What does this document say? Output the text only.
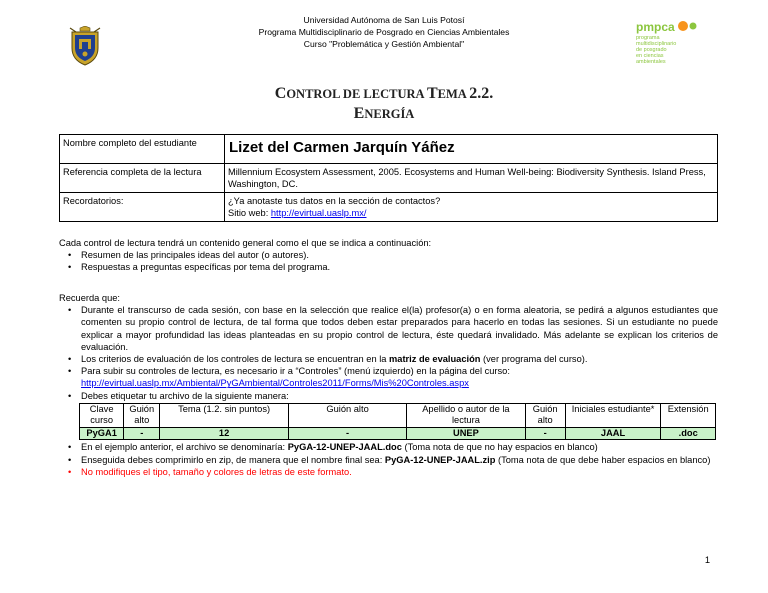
Universidad Autónoma de San Luis Potosí
Programa Multidisciplinario de Posgrado en Ciencias Ambientales
Curso "Problemática y Gestión Ambiental"
pmpca
programa
multidisciplinario
de posgrado
en ciencias
ambientales
CONTROL DE LECTURA TEMA 2.2.
ENERGÍA
Nombre completo del estudiante	Lizet del Carmen Jarquín Yáñez
Referencia completa de la lectura	Millennium Ecosystem Assessment, 2005. Ecosystems and Human Well-being: Biodiversity Synthesis. Island Press, Washington, DC.
Recordatorios:	¿Ya anotaste tus datos en la sección de contactos?
Sitio web: http://evirtual.uaslp.mx/
Cada control de lectura tendrá un contenido general como el que se indica a continuación:
• Resumen de las principales ideas del autor (o autores).
• Respuestas a preguntas específicas por tema del programa.
Recuerda que:
• Durante el transcurso de cada sesión, con base en la selección que realice el(la) profesor(a) o en forma aleatoria, se pedirá a algunos estudiantes que comenten su propio control de lectura, de tal forma que todos deben estar preparados para hacerlo en todas las sesiones. Si un estudiante no puede explicar a mayor profundidad las ideas planteadas en su propio control de lectura, éste quedará invalidado. Más adelante se explican los criterios de evaluación.
• Los criterios de evaluación de los controles de lectura se encuentran en la matriz de evaluación (ver programa del curso).
• Para subir su controles de lectura, es necesario ir a “Controles” (menú izquierdo) en la página del curso:
http://evirtual.uaslp.mx/Ambiental/PyGAmbiental/Controles2011/Forms/Mis%20Controles.aspx
• Debes etiquetar tu archivo de la siguiente manera:
Clave curso	Guión alto	Tema (1.2. sin puntos)	Guión alto	Apellido o autor de la lectura	Guión alto	Iniciales estudiante*	Extensión
PyGA1	-	12	-	UNEP	-	JAAL	.doc
• En el ejemplo anterior, el archivo se denominaría: PyGA-12-UNEP-JAAL.doc (Toma nota de que no hay espacios en blanco)
• Enseguida debes comprimirlo en zip, de manera que el nombre final sea: PyGA-12-UNEP-JAAL.zip (Toma nota de que debe haber espacios en blanco)
• No modifiques el tipo, tamaño y colores de letras de este formato.
1
